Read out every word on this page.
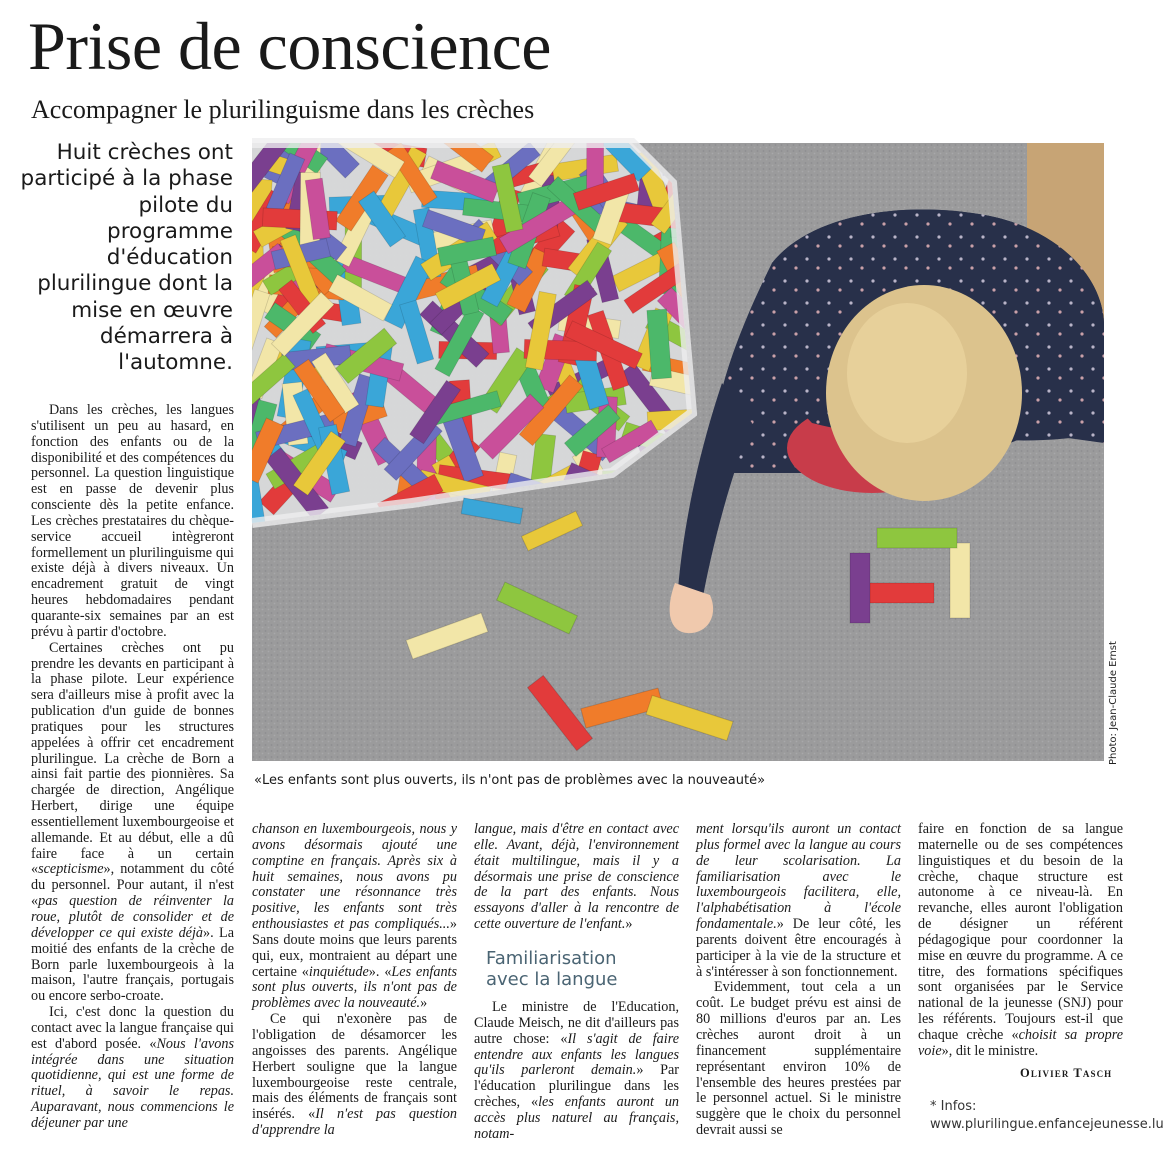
Prise de conscience
Accompagner le plurilinguisme dans les crèches
Huit crèches ont participé à la phase pilote du programme d'éducation plurilingue dont la mise en œuvre démarrera à l'automne.
Photo: Jean-Claude Ernst
«Les enfants sont plus ouverts, ils n'ont pas de problèmes avec la nouveauté»

Dans les crèches, les langues s'utilisent un peu au hasard, en fonction des enfants ou de la disponibilité et des compétences du personnel. La question linguistique est en passe de devenir plus consciente dès la petite enfance. Les crèches prestataires du chèque-service accueil intègreront formellement un plurilinguisme qui existe déjà à divers niveaux. Un encadrement gratuit de vingt heures hebdomadaires pendant quarante-six semaines par an est prévu à partir d'octobre.

Certaines crèches ont pu prendre les devants en participant à la phase pilote. Leur expérience sera d'ailleurs mise à profit avec la publication d'un guide de bonnes pratiques pour les structures appelées à offrir cet encadrement plurilingue. La crèche de Born a ainsi fait partie des pionnières. Sa chargée de direction, Angélique Herbert, dirige une équipe essentiellement luxembourgeoise et allemande. Et au début, elle a dû faire face à un certain «scepticisme», notamment du côté du personnel. Pour autant, il n'est «pas question de réinventer la roue, plutôt de consolider et de développer ce qui existe déjà». La moitié des enfants de la crèche de Born parle luxembourgeois à la maison, l'autre français, portugais ou encore serbo-croate.

Ici, c'est donc la question du contact avec la langue française qui est d'abord posée. «Nous l'avons intégrée dans une situation quotidienne, qui est une forme de rituel, à savoir le repas. Auparavant, nous commencions le déjeuner par une

chanson en luxembourgeois, nous y avons désormais ajouté une comptine en français. Après six à huit semaines, nous avons pu constater une résonnance très positive, les enfants sont très enthousiastes et pas compliqués...» Sans doute moins que leurs parents qui, eux, montraient au départ une certaine «inquiétude». «Les enfants sont plus ouverts, ils n'ont pas de problèmes avec la nouveauté.»

Ce qui n'exonère pas de l'obligation de désamorcer les angoisses des parents. Angélique Herbert souligne que la langue luxembourgeoise reste centrale, mais des éléments de français sont insérés. «Il n'est pas question d'apprendre la

langue, mais d'être en contact avec elle. Avant, déjà, l'environnement était multilingue, mais il y a désormais une prise de conscience de la part des enfants. Nous essayons d'aller à la rencontre de cette ouverture de l'enfant.»

Familiarisation avec la langue

Le ministre de l'Education, Claude Meisch, ne dit d'ailleurs pas autre chose: «Il s'agit de faire entendre aux enfants les langues qu'ils parleront demain.» Par l'éducation plurilingue dans les crèches, «les enfants auront un accès plus naturel au français, notam-

ment lorsqu'ils auront un contact plus formel avec la langue au cours de leur scolarisation. La familiarisation avec le luxembourgeois facilitera, elle, l'alphabétisation à l'école fondamentale.» De leur côté, les parents doivent être encouragés à participer à la vie de la structure et à s'intéresser à son fonctionnement.

Evidemment, tout cela a un coût. Le budget prévu est ainsi de 80 millions d'euros par an. Les crèches auront droit à un financement supplémentaire représentant environ 10% de l'ensemble des heures prestées par le personnel actuel. Si le ministre suggère que le choix du personnel devrait aussi se

faire en fonction de sa langue maternelle ou de ses compétences linguistiques et du besoin de la crèche, chaque structure est autonome à ce niveau-là. En revanche, elles auront l'obligation de désigner un référent pédagogique pour coordonner la mise en œuvre du programme. A ce titre, des formations spécifiques sont organisées par le Service national de la jeunesse (SNJ) pour les référents. Toujours est-il que chaque crèche «choisit sa propre voie», dit le ministre.

Olivier Tasch
* Infos: www.plurilingue.enfancejeunesse.lu
